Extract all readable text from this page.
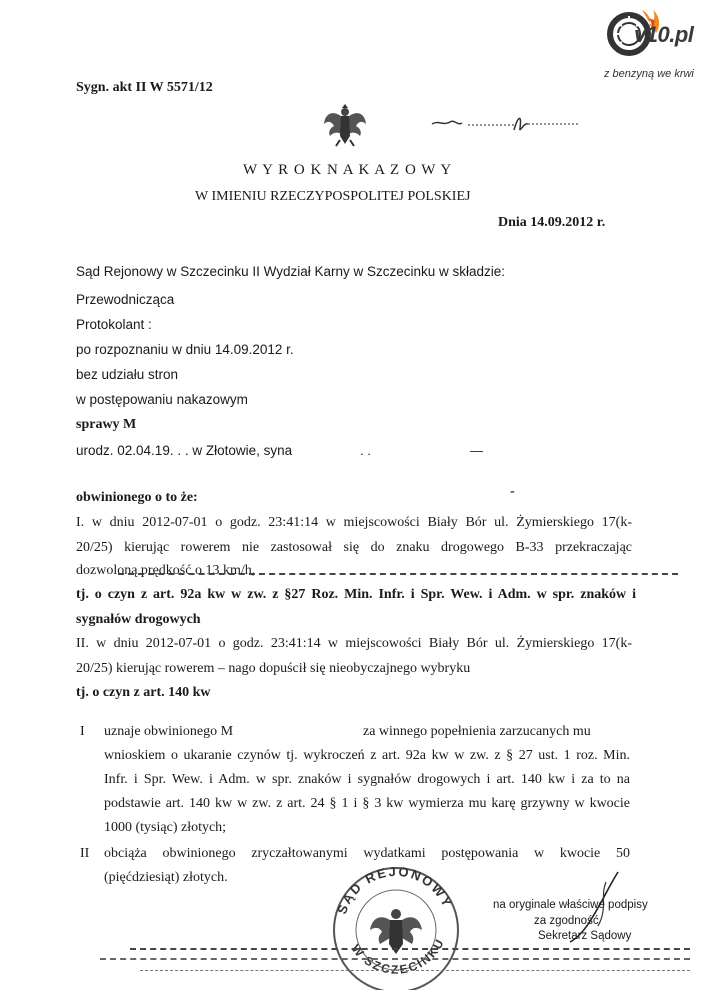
v10.pl
z benzyną we krwi
Sygn. akt II W 5571/12
W Y R O K N A K A Z O W Y
W IMIENIU RZECZYPOSPOLITEJ POLSKIEJ
Dnia 14.09.2012 r.
Sąd Rejonowy w Szczecinku II Wydział Karny w Szczecinku w składzie:
Przewodnicząca
Protokolant :
po rozpoznaniu w dniu 14.09.2012 r.
bez udziału stron
w postępowaniu nakazowym
sprawy M
urodz. 02.04.19. . . w Złotowie, syna	. .	—
obwinionego o to że:	-
I. w dniu 2012-07-01 o godz. 23:41:14 w miejscowości Biały Bór ul. Żymierskiego 17(k-
20/25) kierując rowerem nie zastosował się do znaku drogowego B-33 przekraczając
dozwoloną prędkość o 13 km/h,
tj. o czyn z art. 92a kw w zw. z §27 Roz. Min. Infr. i Spr. Wew. i Adm. w spr. znaków i
sygnałów drogowych
II. w dniu 2012-07-01 o godz. 23:41:14 w miejscowości Biały Bór ul. Żymierskiego 17(k-
20/25) kierując rowerem – nago dopuścił się nieobyczajnego wybryku
tj. o czyn z art. 140 kw
I uznaje obwinionego M	za winnego popełnienia zarzucanych mu
wnioskiem o ukaranie czynów tj. wykroczeń z art. 92a kw w zw. z § 27 ust. 1 roz. Min.
Infr. i Spr. Wew. i Adm. w spr. znaków i sygnałów drogowych i art. 140 kw i za to na
podstawie art. 140 kw w zw. z art. 24 § 1 i § 3 kw wymierza mu karę grzywny w kwocie
1000 (tysiąc) złotych;
II obciąża obwinionego zryczałtowanymi wydatkami postępowania w kwocie 50
(pięćdziesiąt) złotych.
SĄD REJONOWY
W SZCZECINKU
na oryginale właściwe podpisy
za zgodność
Sekretarz Sądowy
